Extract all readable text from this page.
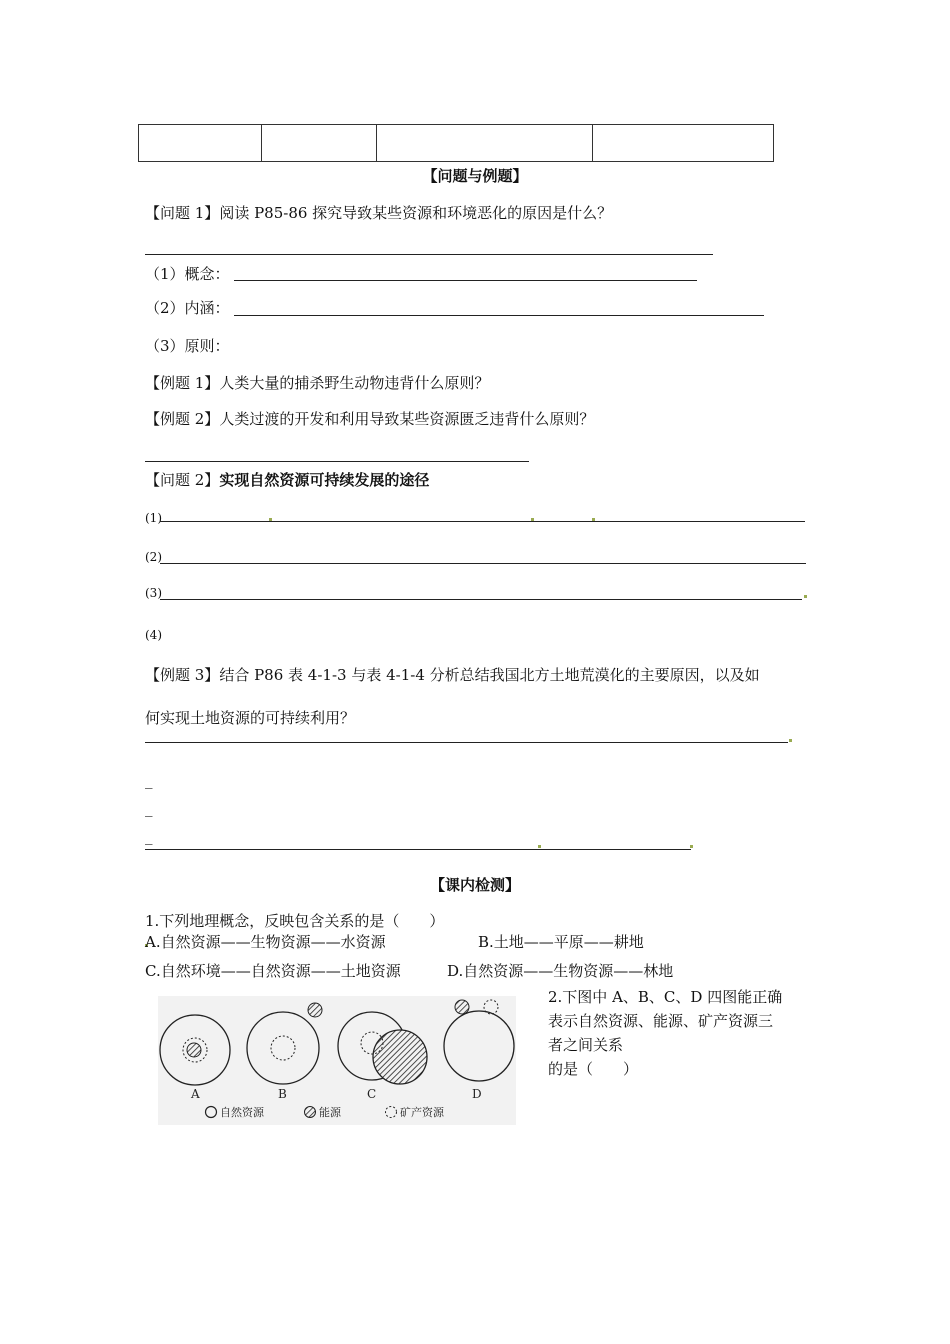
【问题与例题】
【问题 1】阅读 P85-86 探究导致某些资源和环境恶化的原因是什么？
（1）概念：
（2）内涵：
（3）原则：
【例题 1】人类大量的捕杀野生动物违背什么原则？
【例题 2】人类过渡的开发和利用导致某些资源匮乏违背什么原则？
【问题 2】实现自然资源可持续发展的途径
(1)
(2)
(3)
(4)
【例题 3】结合 P86 表 4-1-3 与表 4-1-4 分析总结我国北方土地荒漠化的主要原因，以及如
何实现土地资源的可持续利用？
_
_
_
【课内检测】
1.下列地理概念，反映包含关系的是（　　）
A.自然资源——生物资源——水资源	B.土地——平原——耕地
C.自然环境——自然资源——土地资源	D.自然资源——生物资源——林地
2.下图中 A、B、C、D 四图能正确
表示自然资源、能源、矿产资源三
者之间关系
的是（　　）
A	B	C	D
自然资源	能源	矿产资源
